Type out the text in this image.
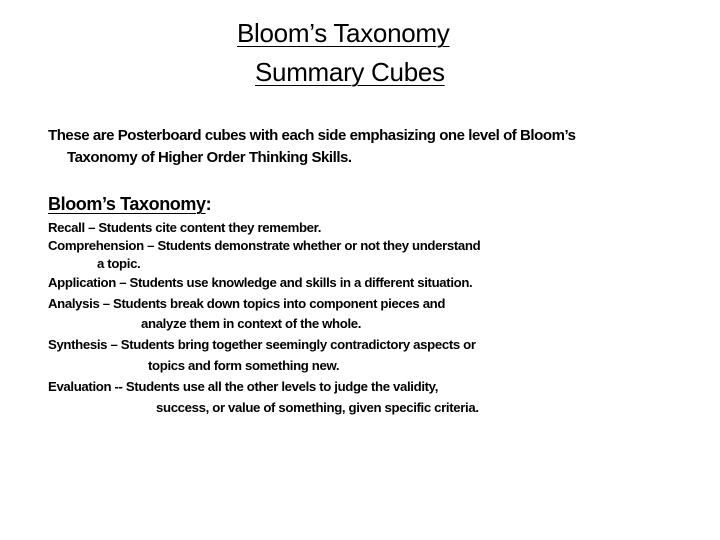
Bloom’s Taxonomy
Summary Cubes
These are Posterboard cubes with each side emphasizing one level of Bloom’s
Taxonomy of Higher Order Thinking Skills.
Bloom’s Taxonomy:
Recall – Students cite content they remember.
Comprehension – Students demonstrate whether or not they understand
a topic.
Application – Students use knowledge and skills in a different situation.
Analysis – Students break down topics into component pieces and
analyze them in context of the whole.
Synthesis – Students bring together seemingly contradictory aspects or
topics and form something new.
Evaluation -- Students use all the other levels to judge the validity,
success, or value of something, given specific criteria.
